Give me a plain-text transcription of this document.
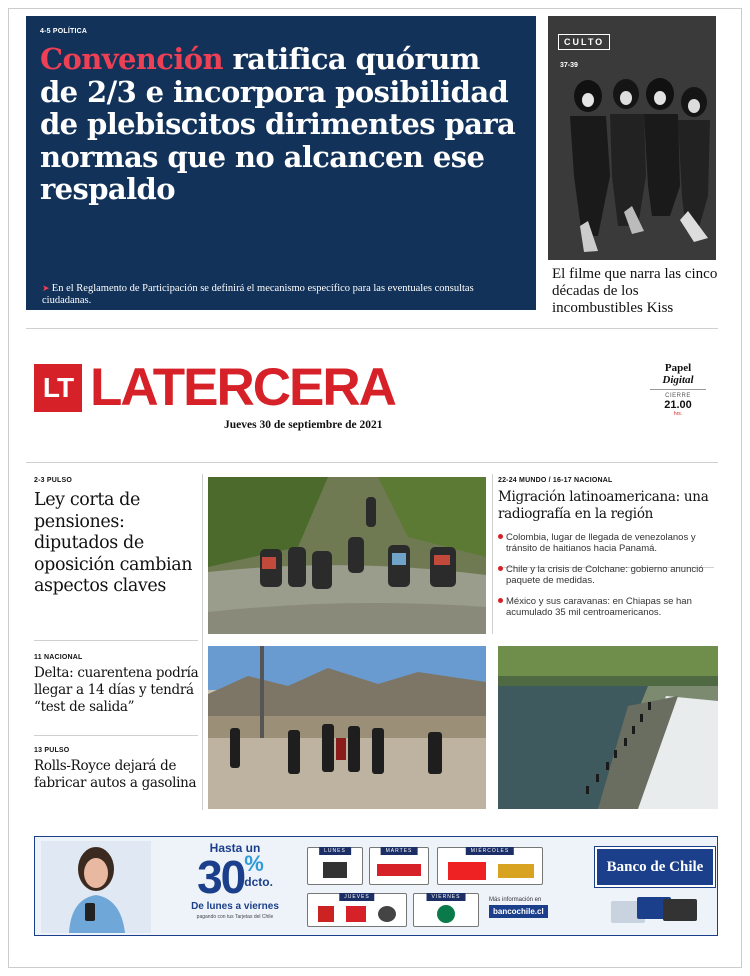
4-5 POLÍTICA
Convención ratifica quórum de 2/3 e incorpora posibilidad de plebiscitos dirimentes para normas que no alcancen ese respaldo
➤ En el Reglamento de Participación se definirá el mecanismo específico para las eventuales consultas ciudadanas.
CULTO
37-39
El filme que narra las cinco décadas de los incombustibles Kiss
LT LATERCERA
Jueves 30 de septiembre de 2021
Papel
Digital
CIERRE
21.00
hrs.
2-3 PULSO
Ley corta de pensiones: diputados de oposición cambian aspectos claves
11 NACIONAL
Delta: cuarentena podría llegar a 14 días y tendrá “test de salida”
13 PULSO
Rolls-Royce dejará de fabricar autos a gasolina
22-24 MUNDO / 16-17 NACIONAL
Migración latinoamericana: una radiografía en la región
Colombia, lugar de llegada de venezolanos y tránsito de haitianos hacia Panamá.
Chile y la crisis de Colchane: gobierno anunció paquete de medidas.
México y sus caravanas: en Chiapas se han acumulado 35 mil centroamericanos.
Hasta un
30 %
dcto.
De lunes a viernes
pagando con tus Tarjetas del Chile
LUNES	MARTES	MIÉRCOLES
JUEVES	VIERNES	Más información en
bancochile.cl
Banco de Chile
